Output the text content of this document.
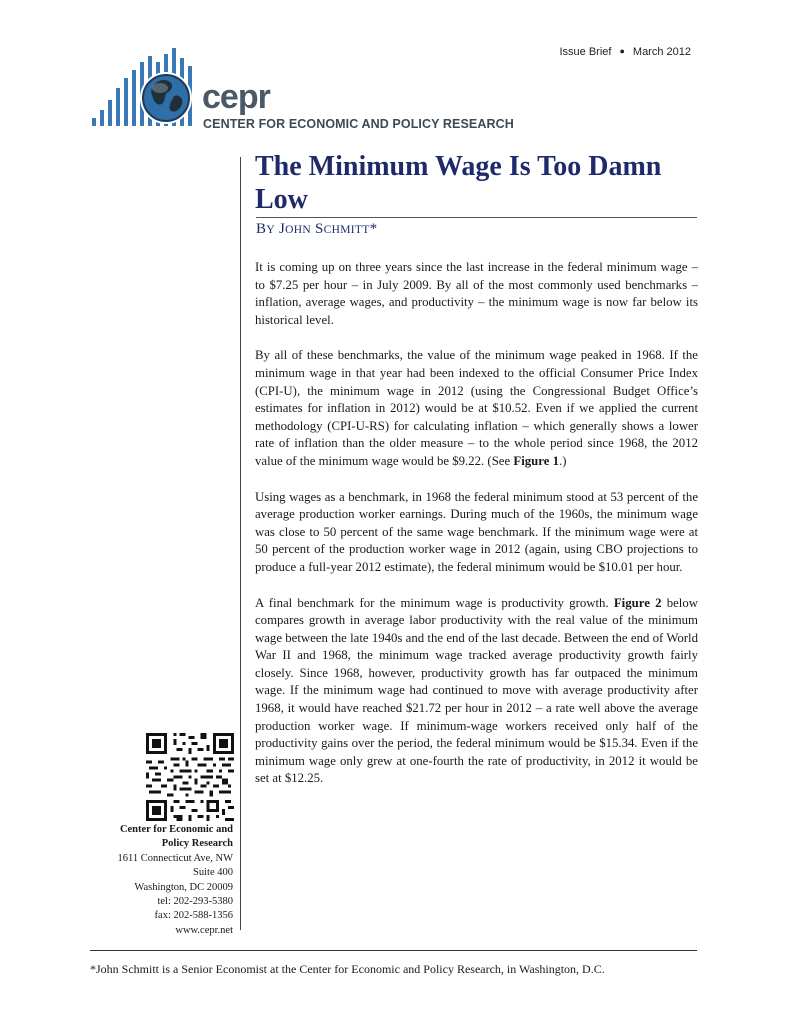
Issue Brief ● March 2012
cepr
CENTER FOR ECONOMIC AND POLICY RESEARCH
The Minimum Wage Is Too Damn Low
BY JOHN SCHMITT*

It is coming up on three years since the last increase in the federal minimum wage – to $7.25 per hour – in July 2009. By all of the most commonly used benchmarks – inflation, average wages, and productivity – the minimum wage is now far below its historical level.

By all of these benchmarks, the value of the minimum wage peaked in 1968. If the minimum wage in that year had been indexed to the official Consumer Price Index (CPI-U), the minimum wage in 2012 (using the Congressional Budget Office’s estimates for inflation in 2012) would be at $10.52. Even if we applied the current methodology (CPI-U-RS) for calculating inflation – which generally shows a lower rate of inflation than the older measure – to the whole period since 1968, the 2012 value of the minimum wage would be $9.22. (See Figure 1.)

Using wages as a benchmark, in 1968 the federal minimum stood at 53 percent of the average production worker earnings. During much of the 1960s, the minimum wage was close to 50 percent of the same wage benchmark. If the minimum wage were at 50 percent of the production worker wage in 2012 (again, using CBO projections to produce a full-year 2012 estimate), the federal minimum would be $10.01 per hour.

A final benchmark for the minimum wage is productivity growth. Figure 2 below compares growth in average labor productivity with the real value of the minimum wage between the late 1940s and the end of the last decade. Between the end of World War II and 1968, the minimum wage tracked average productivity growth fairly closely. Since 1968, however, productivity growth has far outpaced the minimum wage. If the minimum wage had continued to move with average productivity after 1968, it would have reached $21.72 per hour in 2012 – a rate well above the average production worker wage. If minimum-wage workers received only half of the productivity gains over the period, the federal minimum would be $15.34. Even if the minimum wage only grew at one-fourth the rate of productivity, in 2012 it would be set at $12.25.

Center for Economic and
Policy Research
1611 Connecticut Ave, NW
Suite 400
Washington, DC 20009
tel: 202-293-5380
fax: 202-588-1356
www.cepr.net
*John Schmitt is a Senior Economist at the Center for Economic and Policy Research, in Washington, D.C.
